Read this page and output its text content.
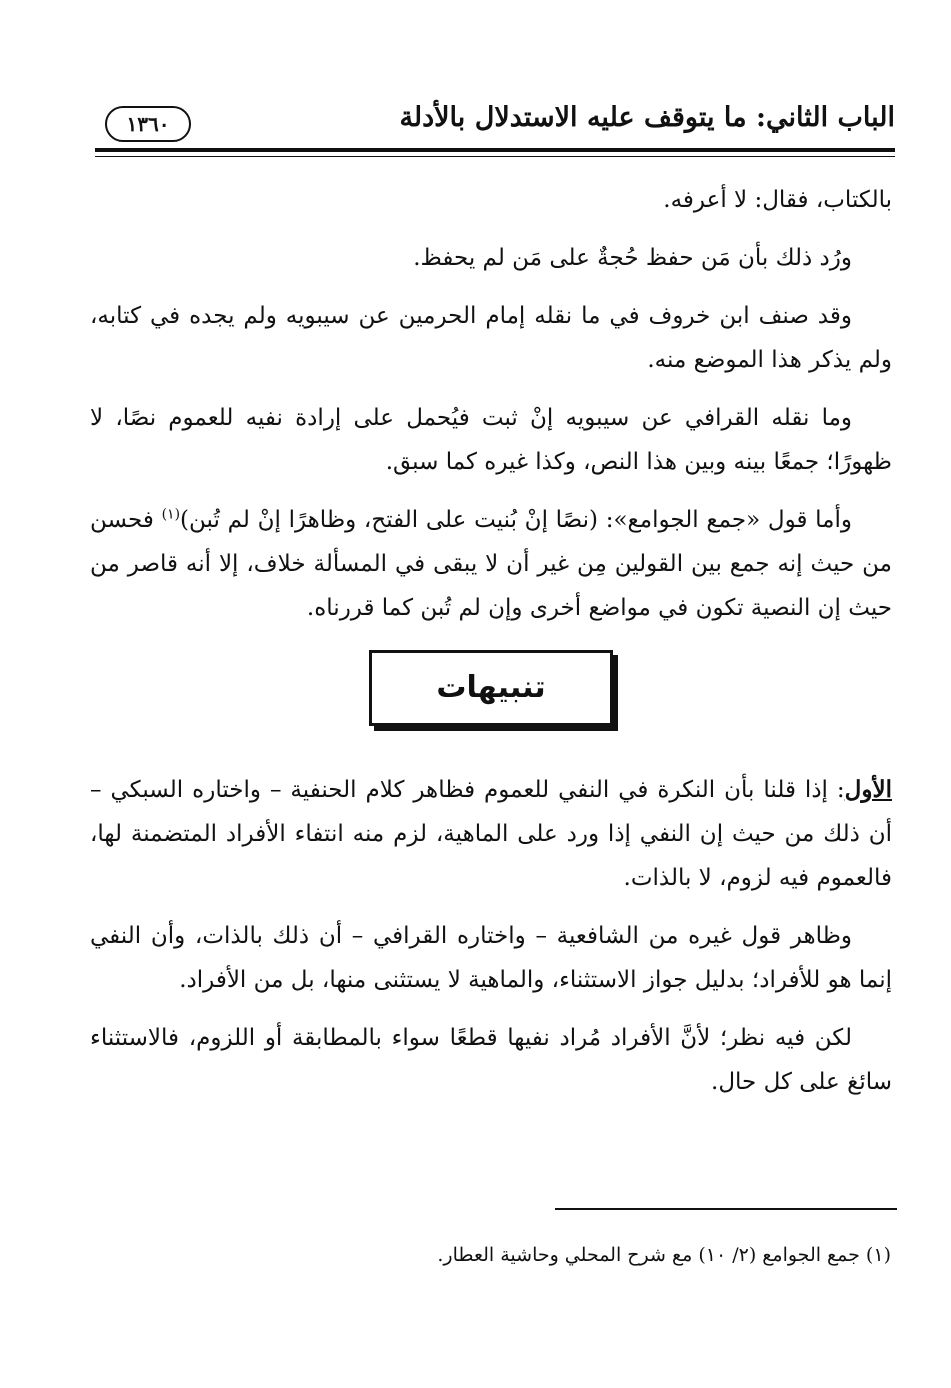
١٣٦٠	الباب الثاني: ما يتوقف عليه الاستدلال بالأدلة

بالكتاب، فقال: لا أعرفه.

ورُد ذلك بأن مَن حفظ حُجةٌ على مَن لم يحفظ.

وقد صنف ابن خروف في ما نقله إمام الحرمين عن سيبويه ولم يجده في كتابه، ولم يذكر هذا الموضع منه.

وما نقله القرافي عن سيبويه إنْ ثبت فيُحمل على إرادة نفيه للعموم نصًا، لا ظهورًا؛ جمعًا بينه وبين هذا النص، وكذا غيره كما سبق.

وأما قول «جمع الجوامع»: (نصًا إنْ بُنيت على الفتح، وظاهرًا إنْ لم تُبن)$^{(١)}$ فحسن من حيث إنه جمع بين القولين مِن غير أن لا يبقى في المسألة خلاف، إلا أنه قاصر من حيث إن النصية تكون في مواضع أخرى وإن لم تُبن كما قررناه.

تنبيهات

الأول: إذا قلنا بأن النكرة في النفي للعموم فظاهر كلام الحنفية – واختاره السبكي – أن ذلك من حيث إن النفي إذا ورد على الماهية، لزم منه انتفاء الأفراد المتضمنة لها، فالعموم فيه لزوم، لا بالذات.

وظاهر قول غيره من الشافعية – واختاره القرافي – أن ذلك بالذات، وأن النفي إنما هو للأفراد؛ بدليل جواز الاستثناء، والماهية لا يستثنى منها، بل من الأفراد.

لكن فيه نظر؛ لأنَّ الأفراد مُراد نفيها قطعًا سواء بالمطابقة أو اللزوم، فالاستثناء سائغ على كل حال.

(١) جمع الجوامع (٢/ ١٠) مع شرح المحلي وحاشية العطار.
